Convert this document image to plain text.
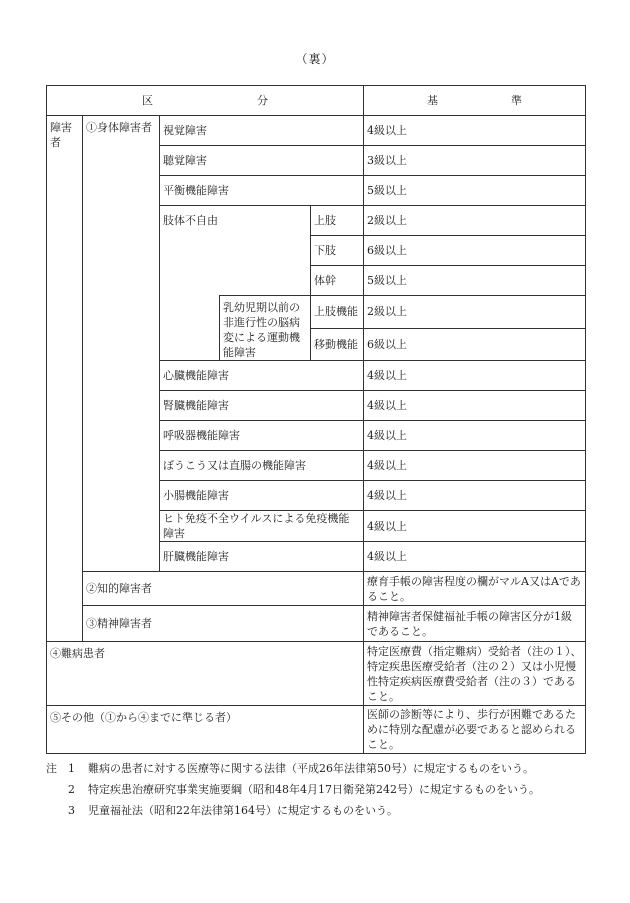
（裏）
区 分					基 準

障害者	①身体障害者	視覚障害			4級以上
		聴覚障害			3級以上
		平衡機能障害			5級以上
		肢体不自由		上肢	2級以上
				下肢	6級以上
				体幹	5級以上
			乳幼児期以前の非進行性の脳病変による運動機能障害	上肢機能	2級以上
				移動機能	6級以上
		心臓機能障害			4級以上
		腎臓機能障害			4級以上
		呼吸器機能障害			4級以上
		ぼうこう又は直腸の機能障害			4級以上
		小腸機能障害			4級以上
		ヒト免疫不全ウイルスによる免疫機能障害			4級以上
		肝臓機能障害			4級以上
	②知的障害者				療育手帳の障害程度の欄がマルA又はAであること。
	③精神障害者				精神障害者保健福祉手帳の障害区分が1級であること。
④難病患者					特定医療費（指定難病）受給者（注の１）、特定疾患医療受給者（注の２）又は小児慢性特定疾病医療費受給者（注の３）であること。
⑤その他（①から④までに準じる者）					医師の診断等により、歩行が困難であるために特別な配慮が必要であると認められること。
注	1	難病の患者に対する医療等に関する法律（平成26年法律第50号）に規定するものをいう。
2	特定疾患治療研究事業実施要綱（昭和48年4月17日衛発第242号）に規定するものをいう。
3	児童福祉法（昭和22年法律第164号）に規定するものをいう。
